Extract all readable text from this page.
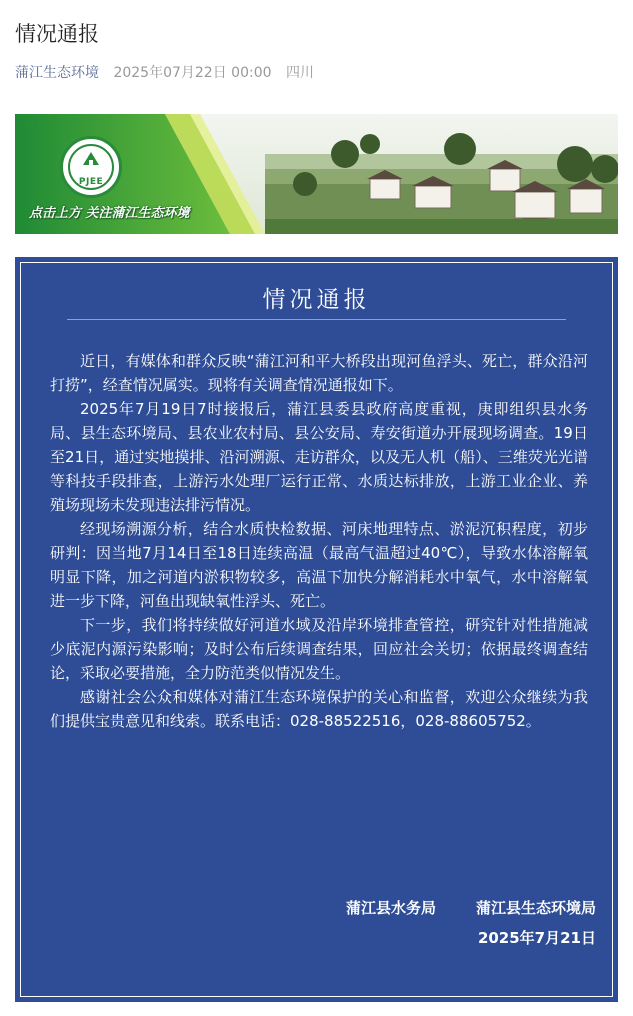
情况通报
蒲江生态环境 2025年07月22日 00:00 四川
PJEE
点击上方 关注蒲江生态环境
情况通报

近日，有媒体和群众反映“蒲江河和平大桥段出现河鱼浮头、死亡，群众沿河打捞”，经查情况属实。现将有关调查情况通报如下。

2025年7月19日7时接报后，蒲江县委县政府高度重视，庚即组织县水务局、县生态环境局、县农业农村局、县公安局、寿安街道办开展现场调查。19日至21日，通过实地摸排、沿河溯源、走访群众，以及无人机（船）、三维荧光光谱等科技手段排查，上游污水处理厂运行正常、水质达标排放，上游工业企业、养殖场现场未发现违法排污情况。

经现场溯源分析，结合水质快检数据、河床地理特点、淤泥沉积程度，初步研判：因当地7月14日至18日连续高温（最高气温超过40℃），导致水体溶解氧明显下降，加之河道内淤积物较多，高温下加快分解消耗水中氧气，水中溶解氧进一步下降，河鱼出现缺氧性浮头、死亡。

下一步，我们将持续做好河道水域及沿岸环境排查管控，研究针对性措施减少底泥内源污染影响；及时公布后续调查结果，回应社会关切；依据最终调查结论，采取必要措施，全力防范类似情况发生。

感谢社会公众和媒体对蒲江生态环境保护的关心和监督，欢迎公众继续为我们提供宝贵意见和线索。联系电话：028-88522516，028-88605752。

蒲江县水务局	蒲江县生态环境局
2025年7月21日
